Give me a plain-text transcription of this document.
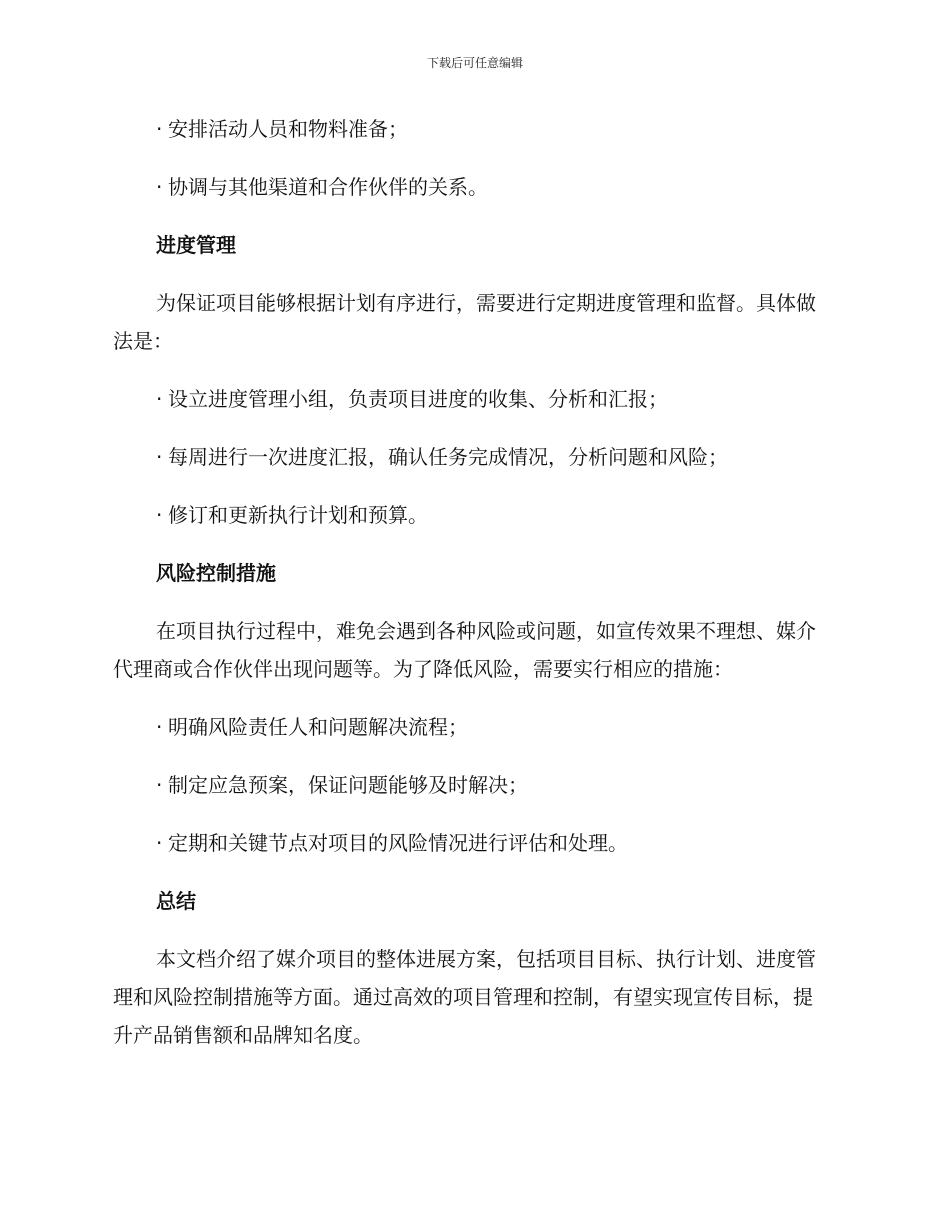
下载后可任意编辑
· 安排活动人员和物料准备；
· 协调与其他渠道和合作伙伴的关系。
进度管理
为保证项目能够根据计划有序进行，需要进行定期进度管理和监督。具体做法是：
· 设立进度管理小组，负责项目进度的收集、分析和汇报；
· 每周进行一次进度汇报，确认任务完成情况，分析问题和风险；
· 修订和更新执行计划和预算。
风险控制措施
在项目执行过程中，难免会遇到各种风险或问题，如宣传效果不理想、媒介代理商或合作伙伴出现问题等。为了降低风险，需要实行相应的措施：
· 明确风险责任人和问题解决流程；
· 制定应急预案，保证问题能够及时解决；
· 定期和关键节点对项目的风险情况进行评估和处理。
总结
本文档介绍了媒介项目的整体进展方案，包括项目目标、执行计划、进度管理和风险控制措施等方面。通过高效的项目管理和控制，有望实现宣传目标，提升产品销售额和品牌知名度。
